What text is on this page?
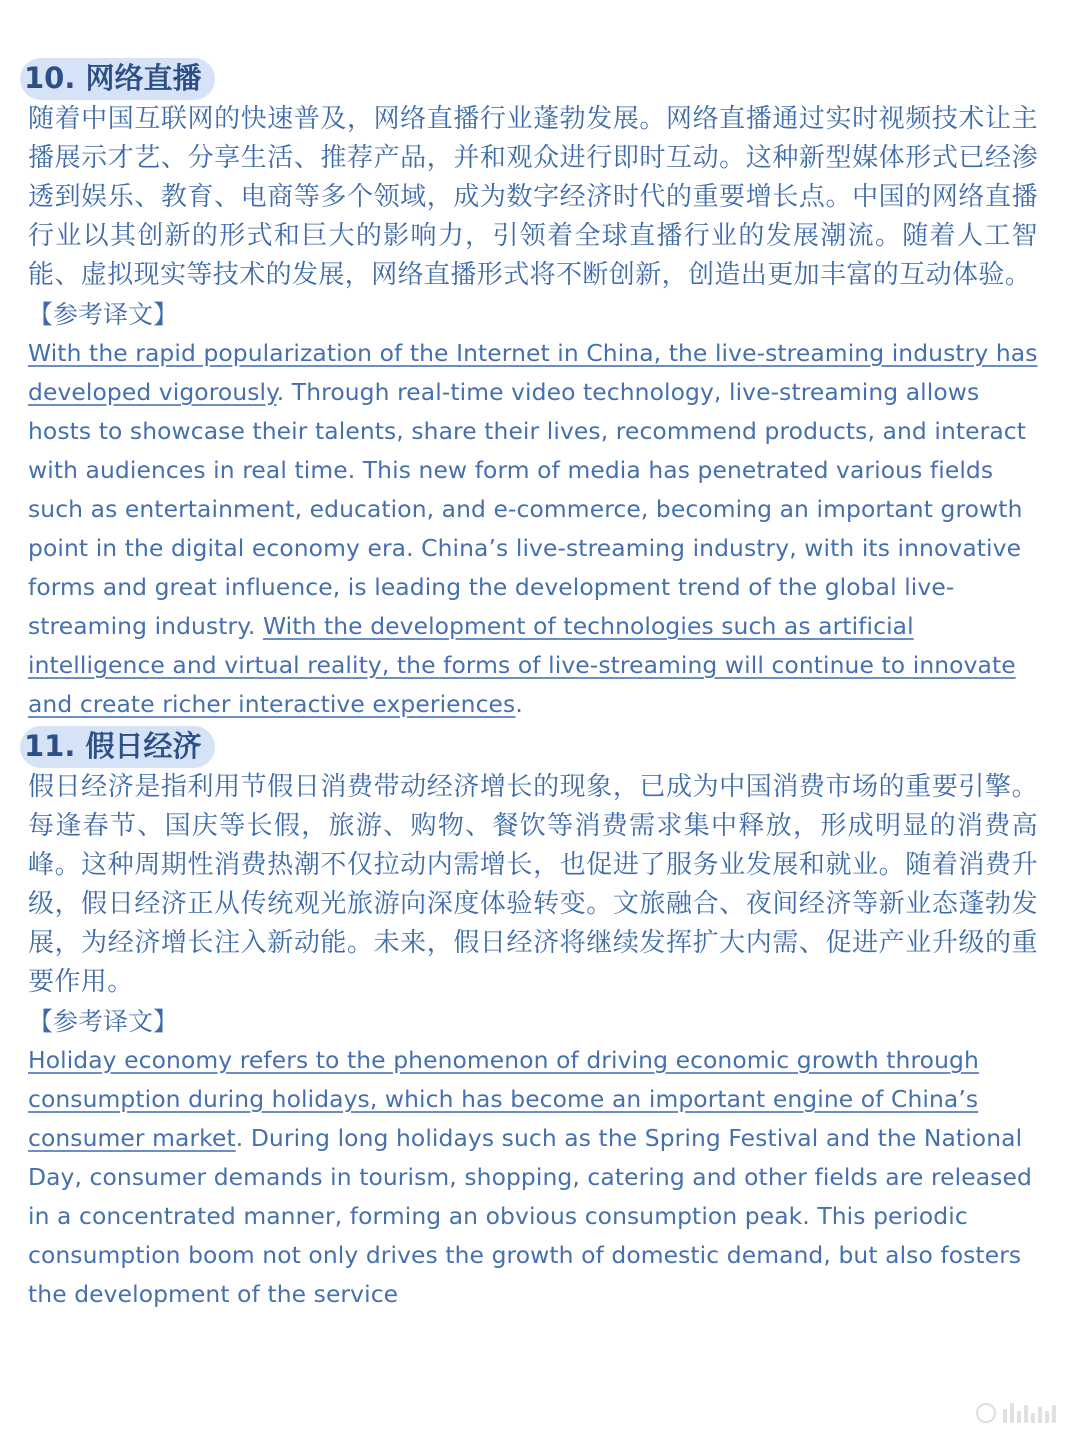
10. 网络直播

随着中国互联网的快速普及，网络直播行业蓬勃发展。网络直播通过实时视频技术让主播展示才艺、分享生活、推荐产品，并和观众进行即时互动。这种新型媒体形式已经渗透到娱乐、教育、电商等多个领域，成为数字经济时代的重要增长点。中国的网络直播行业以其创新的形式和巨大的影响力，引领着全球直播行业的发展潮流。随着人工智能、虚拟现实等技术的发展，网络直播形式将不断创新，创造出更加丰富的互动体验。

【参考译文】

With the rapid popularization of the Internet in China, the live-streaming industry has developed vigorously. Through real-time video technology, live-streaming allows hosts to showcase their talents, share their lives, recommend products, and interact with audiences in real time. This new form of media has penetrated various fields such as entertainment, education, and e-commerce, becoming an important growth point in the digital economy era. China’s live-streaming industry, with its innovative forms and great influence, is leading the development trend of the global live-streaming industry. With the development of technologies such as artificial intelligence and virtual reality, the forms of live-streaming will continue to innovate and create richer interactive experiences.

11. 假日经济

假日经济是指利用节假日消费带动经济增长的现象，已成为中国消费市场的重要引擎。每逢春节、国庆等长假，旅游、购物、餐饮等消费需求集中释放，形成明显的消费高峰。这种周期性消费热潮不仅拉动内需增长，也促进了服务业发展和就业。随着消费升级，假日经济正从传统观光旅游向深度体验转变。文旅融合、夜间经济等新业态蓬勃发展，为经济增长注入新动能。未来，假日经济将继续发挥扩大内需、促进产业升级的重要作用。

【参考译文】

Holiday economy refers to the phenomenon of driving economic growth through consumption during holidays, which has become an important engine of China’s consumer market. During long holidays such as the Spring Festival and the National Day, consumer demands in tourism, shopping, catering and other fields are released in a concentrated manner, forming an obvious consumption peak. This periodic consumption boom not only drives the growth of domestic demand, but also fosters the development of the service
